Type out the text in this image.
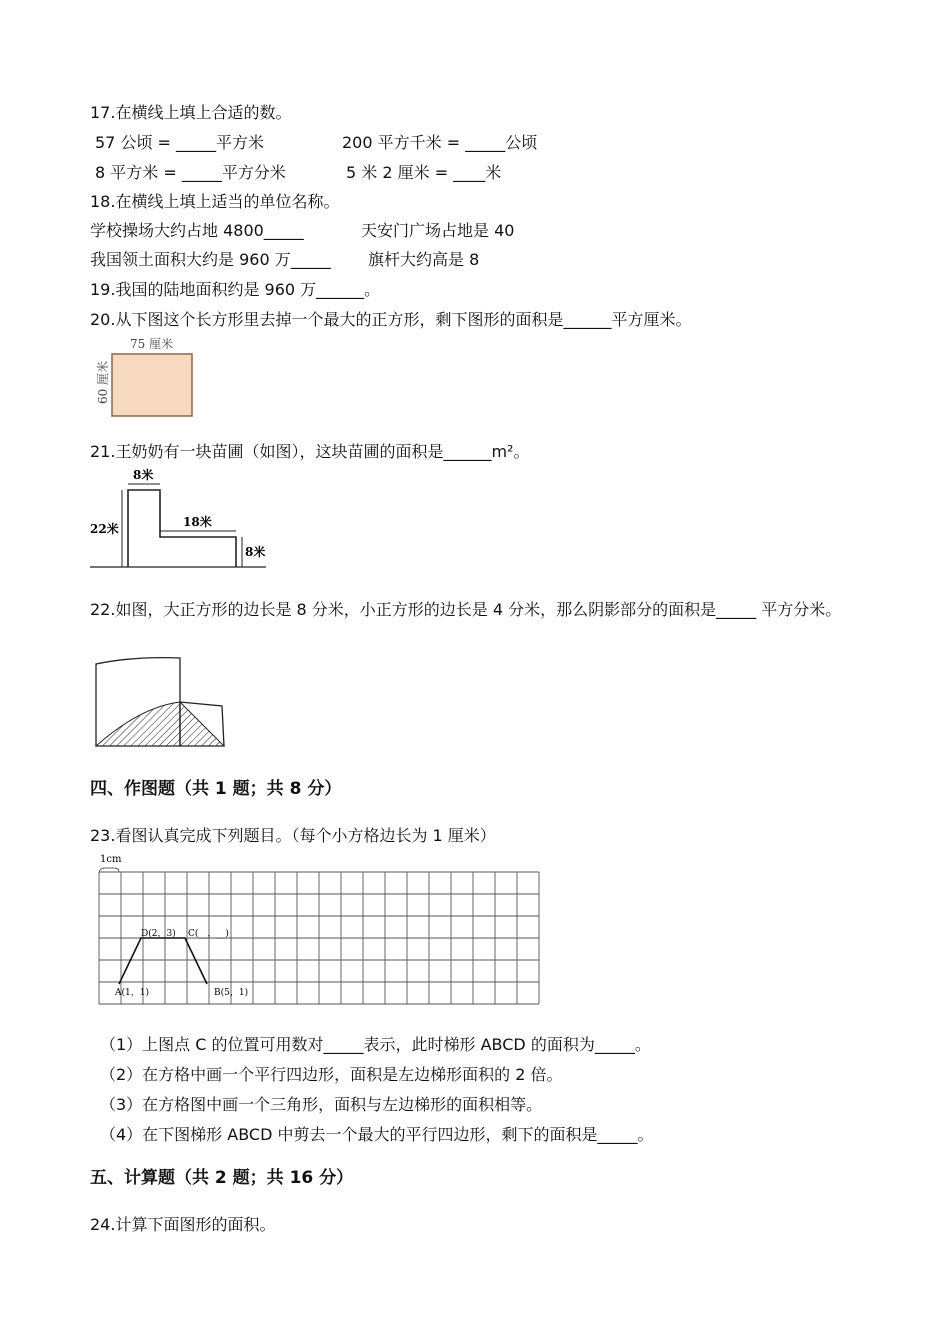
17.在横线上填上合适的数。
57 公顷 = _____平方米	200 平方千米 = _____公顷
8 平方米 = _____平方分米	5 米 2 厘米 = ____米
18.在横线上填上适当的单位名称。
学校操场大约占地 4800_____	天安门广场占地是 40
我国领土面积大约是 960 万_____ 旗杆大约高是 8
19.我国的陆地面积约是 960 万______。
20.从下图这个长方形里去掉一个最大的正方形，剩下图形的面积是______平方厘米。
75 厘米
60 厘米
21.王奶奶有一块苗圃（如图），这块苗圃的面积是______m²。
8米
22米	18米
8米
22.如图，大正方形的边长是 8 分米，小正方形的边长是 4 分米，那么阴影部分的面积是_____ 平方分米。
四、作图题（共 1 题；共 8 分）
23.看图认真完成下列题目。（每个小方格边长为 1 厘米）
1cm
A(1，1)	B(5，1)
D(2，3) C(__，__)
（1）上图点 C 的位置可用数对_____表示，此时梯形 ABCD 的面积为_____。
（2）在方格中画一个平行四边形，面积是左边梯形面积的 2 倍。
（3）在方格图中画一个三角形，面积与左边梯形的面积相等。
（4）在下图梯形 ABCD 中剪去一个最大的平行四边形，剩下的面积是_____。
五、计算题（共 2 题；共 16 分）
24.计算下面图形的面积。
